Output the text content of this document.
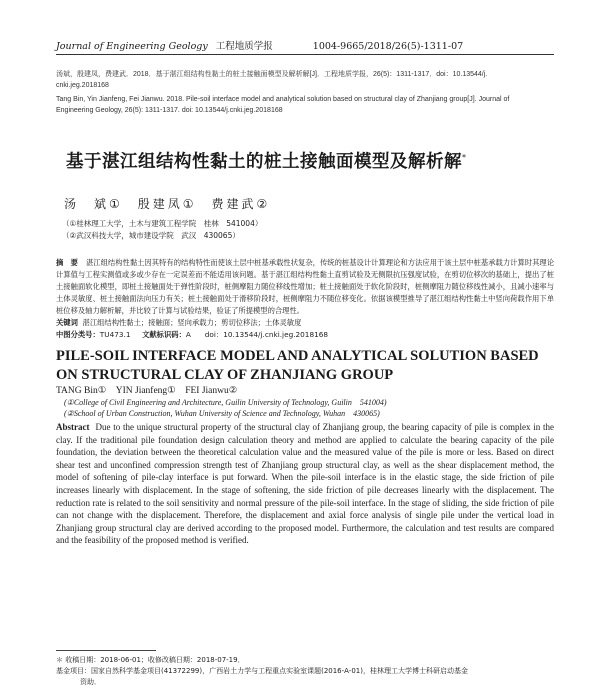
Journal of Engineering Geology 工程地质学报	1004-9665/2018/26(5)-1311-07
汤斌，殷建凤，费建武．2018．基于湛江组结构性黏土的桩土接触面模型及解析解[J]．工程地质学报，26(5)：1311-1317．doi：10.13544/j.
cnki.jeg.2018168
Tang Bin, Yin Jianfeng, Fei Jianwu. 2018. Pile-soil interface model and analytical solution based on structural clay of Zhanjiang group[J]. Journal of
Engineering Geology, 26(5): 1311-1317. doi: 10.13544/j.cnki.jeg.2018168
基于湛江组结构性黏土的桩土接触面模型及解析解*
汤　斌①　殷建凤①　费建武②
（①桂林理工大学，土木与建筑工程学院　桂林　541004）
（②武汉科技大学，城市建设学院　武汉　430065）
摘　要 湛江组结构性黏土因其特有的结构特性而使该土层中桩基承载性状复杂，传统的桩基设计计算理论和方法应用于该土层中桩基承载力计算时其理论计算值与工程实测值或多或少存在一定误差而不能适用该问题。基于湛江组结构性黏土直剪试验及无侧限抗压强度试验，在剪切位移次的基础上，提出了桩土接触面软化模型，即桩土接触面处于弹性阶段时，桩侧摩阻力随位移线性增加；桩土接触面处于软化阶段时，桩侧摩阻力随位移线性减小，且减小速率与土体灵敏度、桩土接触面法向压力有关；桩土接触面处于滑移阶段时，桩侧摩阻力不随位移变化。依据该模型推导了湛江组结构性黏土中竖向荷载作用下单桩位移及轴力解析解，并比较了计算与试验结果，验证了所提模型的合理性。
关键词 湛江组结构性黏土；接触面；竖向承载力；剪切位移法；土体灵敏度
中图分类号：TU473.1 文献标识码：A doi：10.13544/j.cnki.jeg.2018168
PILE-SOIL INTERFACE MODEL AND ANALYTICAL SOLUTION BASED ON STRUCTURAL CLAY OF ZHANJIANG GROUP
TANG Bin①　YIN Jianfeng①　FEI Jianwu②
(①College of Civil Engineering and Architecture, Guilin University of Technology, Guilin　541004)
(②School of Urban Construction, Wuhan University of Science and Technology, Wuhan　430065)
Abstract Due to the unique structural property of the structural clay of Zhanjiang group, the bearing capacity of pile is complex in the clay. If the traditional pile foundation design calculation theory and method are applied to calculate the bearing capacity of the pile foundation, the deviation between the theoretical calculation value and the measured value of the pile is more or less. Based on direct shear test and unconfined compression strength test of Zhanjiang group structural clay, as well as the shear displacement method, the model of softening of pile-clay interface is put forward. When the pile-soil interface is in the elastic stage, the side friction of pile increases linearly with displacement. In the stage of softening, the side friction of pile decreases linearly with the displacement. The reduction rate is related to the soil sensitivity and normal pressure of the pile-soil interface. In the stage of sliding, the side friction of pile can not change with the displacement. Therefore, the displacement and axial force analysis of single pile under the vertical load in Zhanjiang group structural clay are derived according to the proposed model. Furthermore, the calculation and test results are compared and the feasibility of the proposed method is verified.
＊ 收稿日期：2018-06-01；收修改稿日期：2018-07-19．
基金项目：国家自然科学基金项目(41372299)，广西岩土力学与工程重点实验室课题(2016-A-01)，桂林理工大学博士科研启动基金
资助．
